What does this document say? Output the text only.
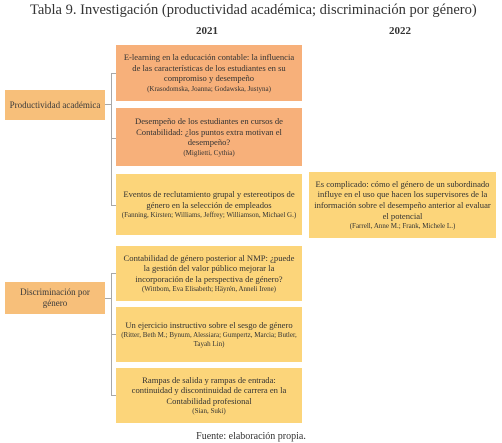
Tabla 9. Investigación (productividad académica; discriminación por género)
2021	2022
Productividad académica
Discriminación por género
E-learning en la educación contable: la influencia de las características de los estudiantes en su compromiso y desempeño
(Krasodomska, Joanna; Godawska, Justyna)
Desempeño de los estudiantes en cursos de Contabilidad: ¿los puntos extra motivan el desempeño?
(Miglietti, Cythia)
Eventos de reclutamiento grupal y estereotipos de género en la selección de empleados
(Fanning, Kirsten; Williams, Jeffrey; Williamson, Michael G.)
Es complicado: cómo el género de un subordinado influye en el uso que hacen los supervisores de la información sobre el desempeño anterior al evaluar el potencial
(Farrell, Anne M.; Frank, Michele L.)
Contabilidad de género posterior al NMP: ¿puede la gestión del valor público mejorar la incorporación de la perspectiva de género?
(Wittbom, Eva Elisabeth; Häyrén, Anneli Irene)
Un ejercicio instructivo sobre el sesgo de género
(Ritter, Beth M.; Bynum, Alessiara; Gumpertz, Marcia; Butler, Tayah Lin)
Rampas de salida y rampas de entrada: continuidad y discontinuidad de carrera en la Contabilidad profesional
(Sian, Suki)
Fuente: elaboración propia.
